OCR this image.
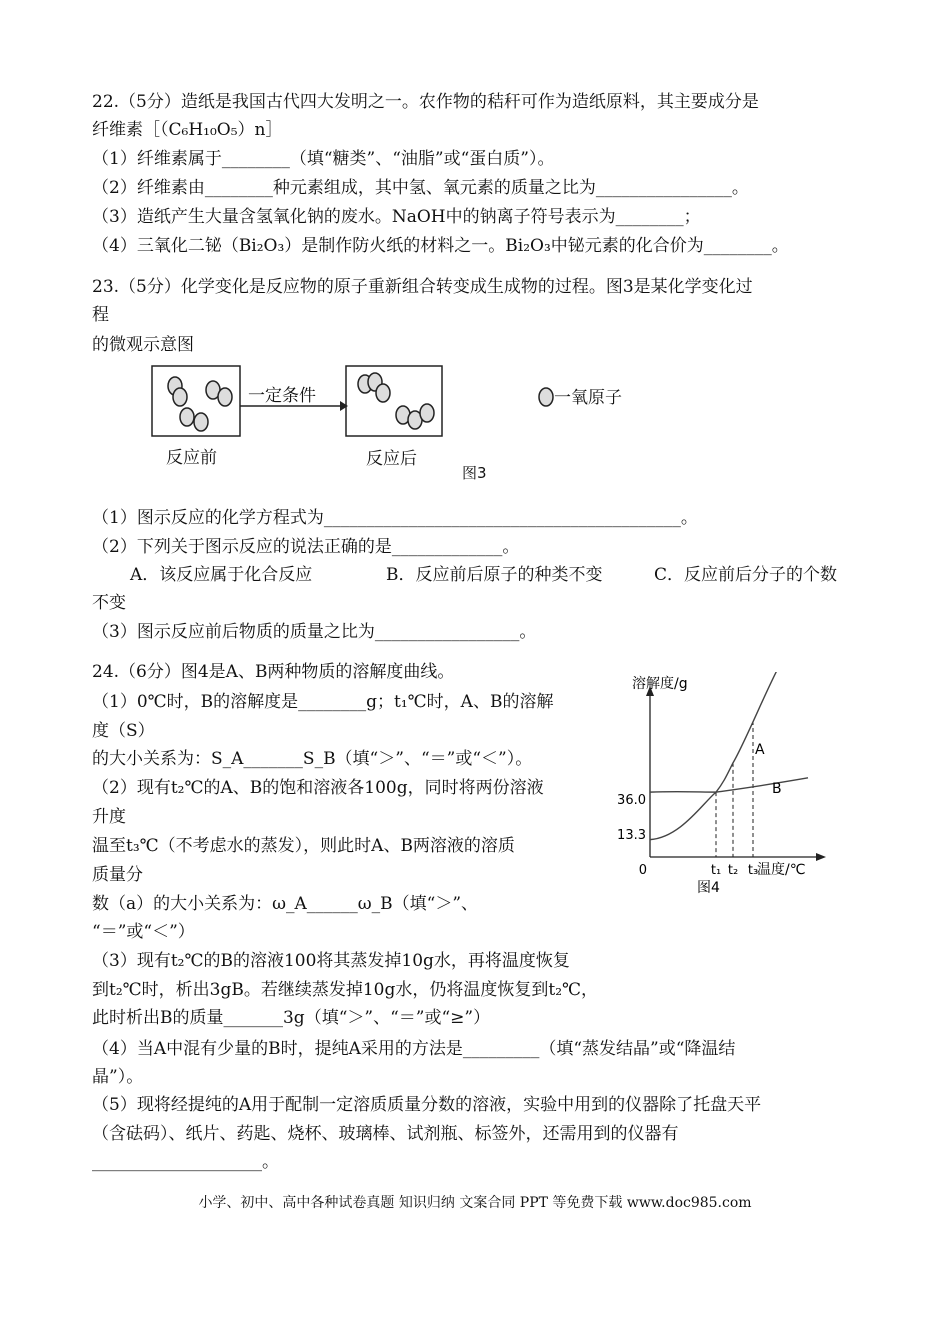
22.（5分）造纸是我国古代四大发明之一。农作物的秸秆可作为造纸原料，其主要成分是
纤维素［（C₆H₁₀O₅）n］
（1）纤维素属于________（填“糖类”、“油脂”或“蛋白质”）。
（2）纤维素由________种元素组成，其中氢、氧元素的质量之比为________________。
（3）造纸产生大量含氢氧化钠的废水。NaOH中的钠离子符号表示为________；
（4）三氧化二铋（Bi₂O₃）是制作防火纸的材料之一。Bi₂O₃中铋元素的化合价为________。
23.（5分）化学变化是反应物的原子重新组合转变成生成物的过程。图3是某化学变化过
程
的微观示意图
一定条件	一氧原子
反应前	反应后
图3
（1）图示反应的化学方程式为__________________________________________。
（2）下列关于图示反应的说法正确的是_____________。
A．该反应属于化合反应	B．反应前后原子的种类不变	C．反应前后分子的个数
不变
（3）图示反应前后物质的质量之比为_________________。
24.（6分）图4是A、B两种物质的溶解度曲线。
（1）0℃时，B的溶解度是________g；t₁℃时，A、B的溶解
度（S）
的大小关系为：S_A_______S_B（填“＞”、“＝”或“＜”）。
（2）现有t₂℃的A、B的饱和溶液各100g，同时将两份溶液
升度
温至t₃℃（不考虑水的蒸发），则此时A、B两溶液的溶质
质量分
数（a）的大小关系为：ω_A______ω_B（填“＞”、
“＝”或“＜”）
（3）现有t₂℃的B的溶液100将其蒸发掉10g水，再将温度恢复
到t₂℃时，析出3gB。若继续蒸发掉10g水，仍将温度恢复到t₂℃，
此时析出B的质量_______3g（填“＞”、“＝”或“≥”）
（4）当A中混有少量的B时，提纯A采用的方法是_________（填“蒸发结晶”或“降温结
晶”）。
（5）现将经提纯的A用于配制一定溶质质量分数的溶液，实验中用到的仪器除了托盘天平
（含砝码）、纸片、药匙、烧杯、玻璃棒、试剂瓶、标签外，还需用到的仪器有
____________________。
溶解度/g
温度/℃
0
36.0
13.3
t₁ t₂ t₃
A
B
图4
小学、初中、高中各种试卷真题 知识归纳 文案合同 PPT 等免费下载 www.doc985.com
